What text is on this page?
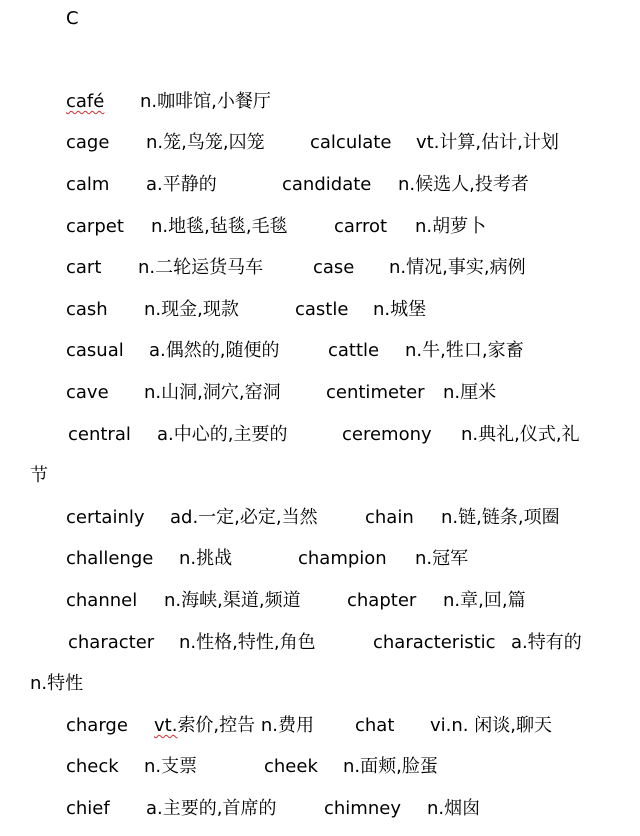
C
café n.咖啡馆,小餐厅
cage n.笼,鸟笼,囚笼	calculate vt.计算,估计,计划
calm a.平静的	candidate n.候选人,投考者
carpet n.地毯,毡毯,毛毯	carrot n.胡萝卜
cart n.二轮运货马车	case n.情况,事实,病例
cash n.现金,现款	castle n.城堡
casual a.偶然的,随便的	cattle n.牛,牲口,家畜
cave n.山洞,洞穴,窑洞	centimeter n.厘米
central a.中心的,主要的	ceremony n.典礼,仪式,礼
节
certainly ad.一定,必定,当然	chain n.链,链条,项圈
challenge n.挑战	champion n.冠军
channel n.海峡,渠道,频道	chapter n.章,回,篇
character n.性格,特性,角色	characteristic a.特有的
n.特性
charge vt.索价,控告 n.费用 chat vi.n. 闲谈,聊天
check n.支票	cheek n.面颊,脸蛋
chief a.主要的,首席的	chimney n.烟囱
